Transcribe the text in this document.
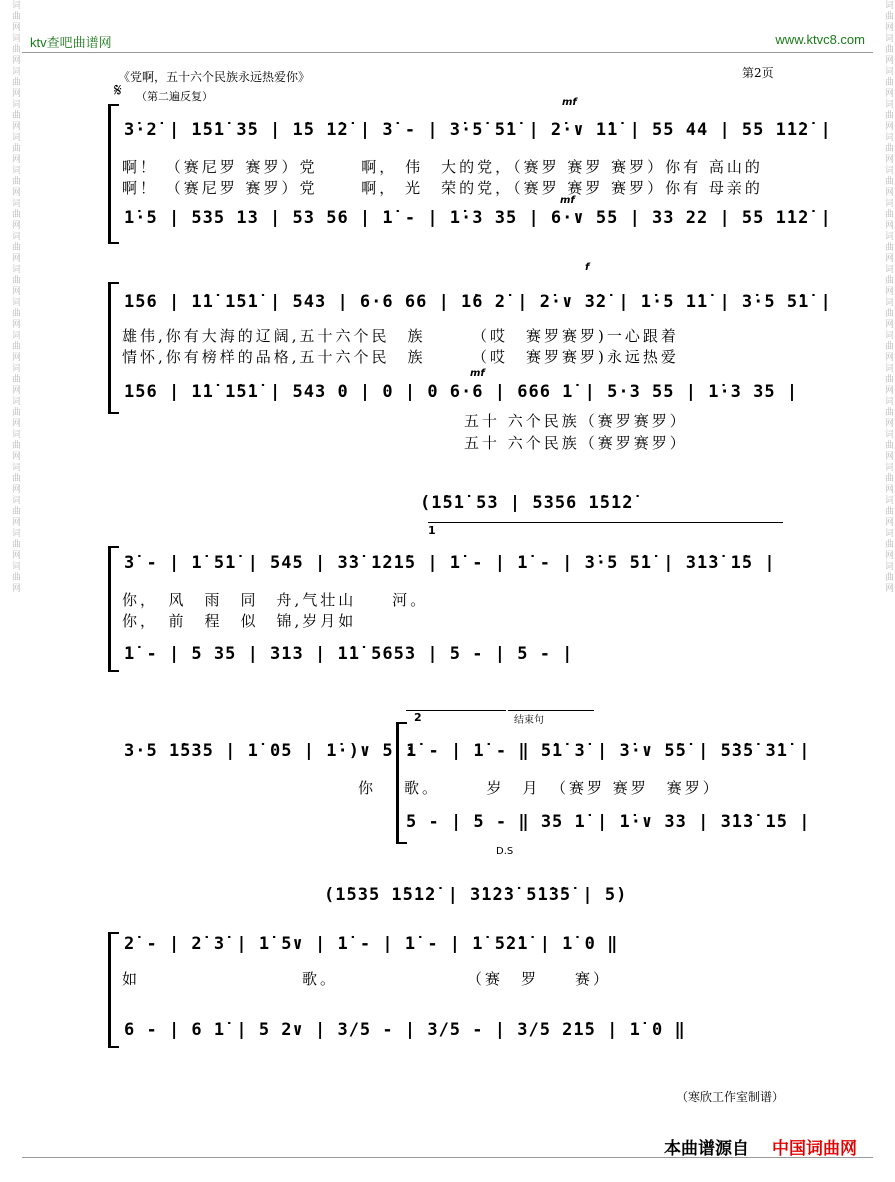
词曲网词曲网词曲网词曲网词曲网词曲网词曲网词曲网词曲网词曲网词曲网词曲网词曲网词曲网词曲网词曲网词曲网词曲网	词曲网词曲网词曲网词曲网词曲网词曲网词曲网词曲网词曲网词曲网词曲网词曲网词曲网词曲网词曲网词曲网词曲网词曲网
ktv查吧曲谱网	www.ktvc8.com
《党啊，五十六个民族永远热爱你》	第2页
𝄋 （第二遍反复）	mf
3̇·2̇ | 1̇5̇1̇ 3̇5 | 1̇5 1̇2̇ | 3̇ - | 3̇·5̇ 5̇1̇ | 2̇·∨ 1̇1̇ | 55 44 | 55 1̇1̇2̇ |
啊！ （赛尼罗 赛罗）党　　 啊， 伟　大的党，（赛罗 赛罗 赛罗）你有 高山的
啊！ （赛尼罗 赛罗）党　　 啊， 光　荣的党，（赛罗 赛罗 赛罗）你有 母亲的
mf
1̇·5 | 535 13 | 53 56 | 1̇ - | 1̇·3 35 | 6·∨ 55 | 33 22 | 55 1̇1̇2̇ |
f
1̇56 | 1̇1̇ 1̇5̇1̇ | 543 | 6·6 66 | 1̇6 2̇ | 2̇·∨ 3̇2̇ | 1̇·5 1̇1̇ | 3̇·5 5̇1̇ |
雄伟,你有大海的辽阔,五十六个民　族　　　（哎　赛罗赛罗)一心跟着
情怀,你有榜样的品格,五十六个民　族　　　（哎　赛罗赛罗)永远热爱
mf
1̇56 | 1̇1̇ 1̇5̇1̇ | 543 0 | 0 | 0 6·6 | 666 1̇ | 5·3 55 | 1̇·3 35 |
五十 六个民族（赛罗赛罗）
五十 六个民族（赛罗赛罗）
(1̇5̇1̇ 53 | 5356 1̇5̇1̇2̇
1
3̇ - | 1̇ 5̇1̇ | 545 | 3̇3̇ 1̇2̇1̇5 | 1̇ - | 1̇ - | 3̇·5 5̇1̇ | 3̇1̇3̇ 1̇5 |
你，　风　雨　同　舟,气壮山　　河。
你，　前　程　似　锦,岁月如
1̇ - | 5 35 | 313 | 1̇1̇ 5653 | 5 - | 5 - |
3·5 1̇535 | 1̇ 05 | 1̇·)∨ 5 :
你
2	结束句
1̇ - | 1̇ - ‖ 5̇1̇ 3̇ | 3̇·∨ 5̇5̇ | 5̇3̇5̇ 3̇1̇ |
歌。　　　岁　月　（赛罗 赛罗　赛罗）
5 - | 5 - ‖ 35 1̇ | 1̇·∨ 33 | 3̇1̇3̇ 1̇5 |
D.S
(1̇535 1̇5̇1̇2̇ | 3̇1̇2̇3̇ 5̇1̇3̇5̇ | 5)
2̇ - | 2̇ 3̇ | 1̇ 5∨ | 1̇ - | 1̇ - | 1̇ 5̇2̇1̇ | 1̇ 0 ‖
如　　　　　　　　　歌。　　　　　　　　（赛　罗　　赛）
6 - | 6 1̇ | 5 2∨ | 3/5 - | 3/5 - | 3/5 2̇1̇5 | 1̇ 0 ‖
（寒欣工作室制谱）
本曲谱源自 中国词曲网
